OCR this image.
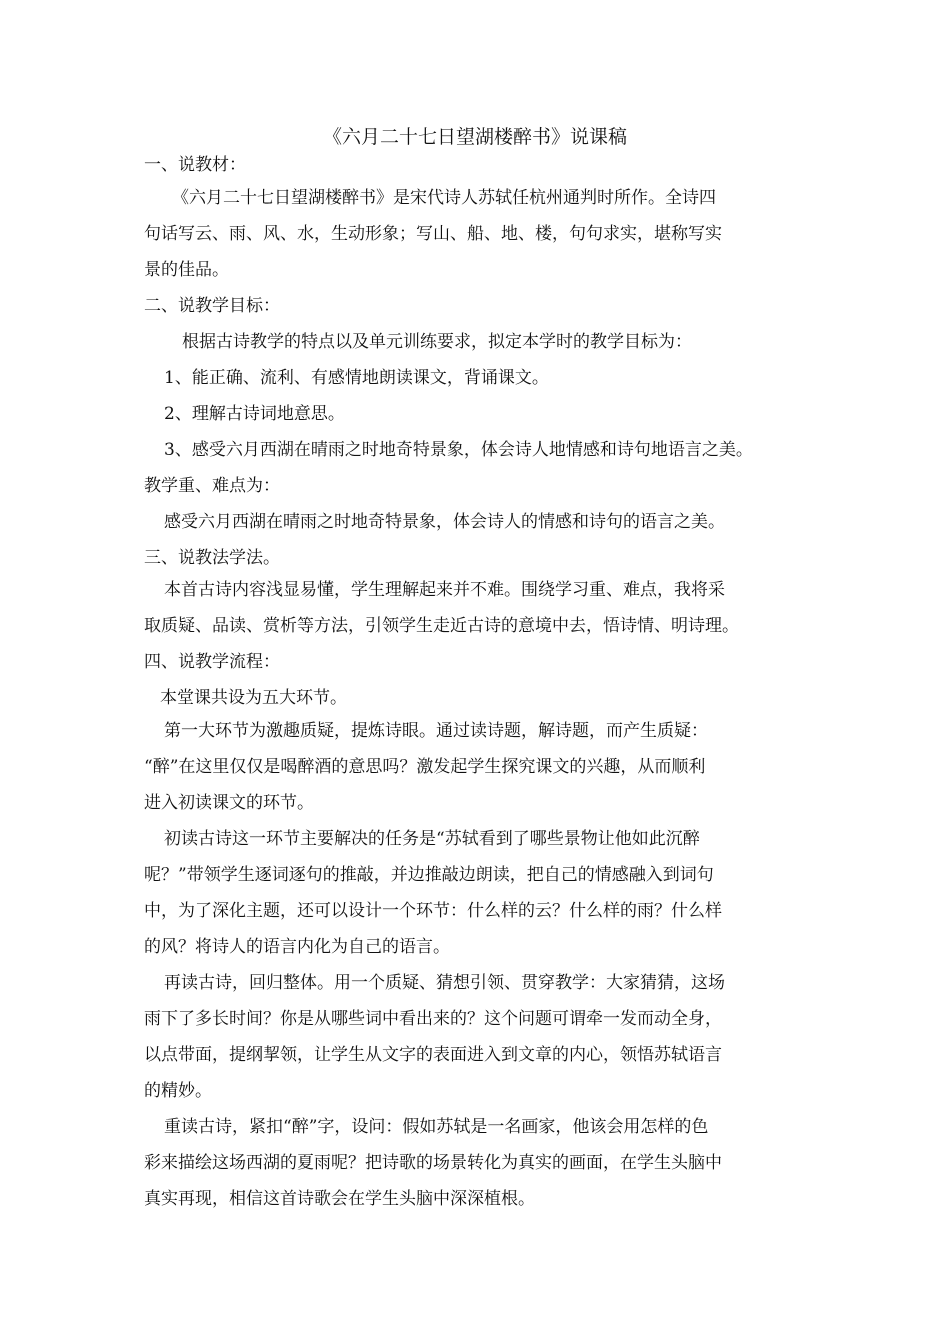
《六月二十七日望湖楼醉书》说课稿
一、说教材：
《六月二十七日望湖楼醉书》是宋代诗人苏轼任杭州通判时所作。全诗四
句话写云、雨、风、水，生动形象；写山、船、地、楼，句句求实，堪称写实
景的佳品。
二、说教学目标：
根据古诗教学的特点以及单元训练要求，拟定本学时的教学目标为：
1、能正确、流利、有感情地朗读课文，背诵课文。
2、理解古诗词地意思。
3、感受六月西湖在晴雨之时地奇特景象，体会诗人地情感和诗句地语言之美。
教学重、难点为：
感受六月西湖在晴雨之时地奇特景象，体会诗人的情感和诗句的语言之美。
三、说教法学法。
本首古诗内容浅显易懂，学生理解起来并不难。围绕学习重、难点，我将采
取质疑、品读、赏析等方法，引领学生走近古诗的意境中去，悟诗情、明诗理。
四、说教学流程：
本堂课共设为五大环节。
第一大环节为激趣质疑，提炼诗眼。通过读诗题，解诗题，而产生质疑：
“醉”在这里仅仅是喝醉酒的意思吗？激发起学生探究课文的兴趣，从而顺利
进入初读课文的环节。
初读古诗这一环节主要解决的任务是“苏轼看到了哪些景物让他如此沉醉
呢？”带领学生逐词逐句的推敲，并边推敲边朗读，把自己的情感融入到词句
中，为了深化主题，还可以设计一个环节：什么样的云？什么样的雨？什么样
的风？将诗人的语言内化为自己的语言。
再读古诗，回归整体。用一个质疑、猜想引领、贯穿教学：大家猜猜，这场
雨下了多长时间？你是从哪些词中看出来的？这个问题可谓牵一发而动全身，
以点带面，提纲挈领，让学生从文字的表面进入到文章的内心，领悟苏轼语言
的精妙。
重读古诗，紧扣“醉”字，设问：假如苏轼是一名画家，他该会用怎样的色
彩来描绘这场西湖的夏雨呢？把诗歌的场景转化为真实的画面，在学生头脑中
真实再现，相信这首诗歌会在学生头脑中深深植根。
